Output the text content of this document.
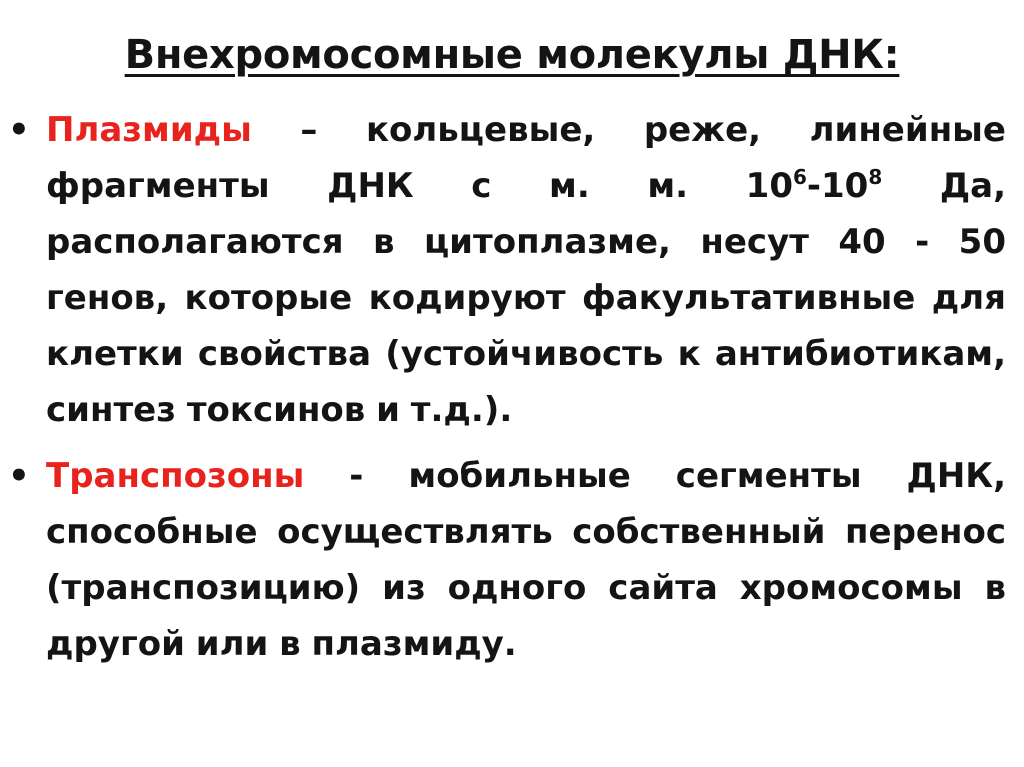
Внехромосомные молекулы ДНК:
• Плазмиды – кольцевые, реже, линейные фрагменты ДНК с м. м. $10^6-10^8$ Да, располагаются в цитоплазме, несут 40 - 50 генов, которые кодируют факультативные для клетки свойства (устойчивость к антибиотикам, синтез токсинов и т.д.).
• Транспозоны - мобильные сегменты ДНК, способные осуществлять собственный перенос (транспозицию) из одного сайта хромосомы в другой или в плазмиду.
